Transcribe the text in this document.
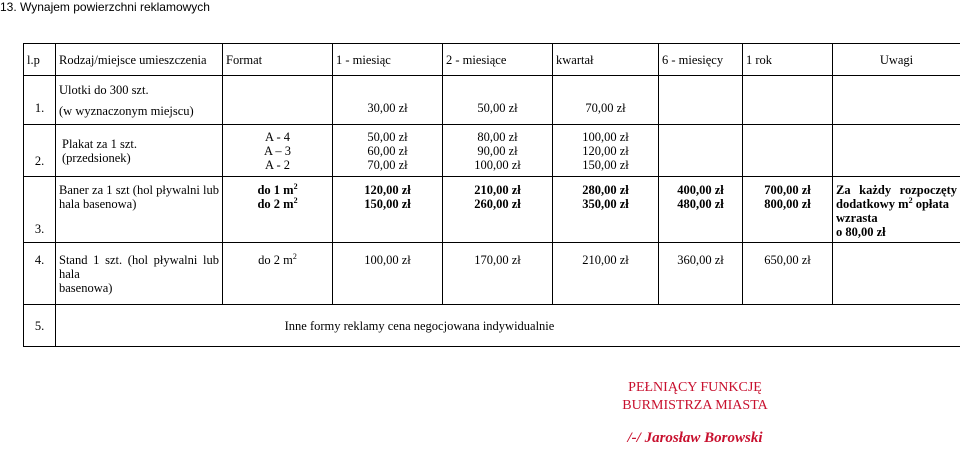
13. Wynajem powierzchni reklamowych
l.p	Rodzaj/miejsce umieszczenia	Format	1 - miesiąc	2 - miesiące	kwartał	6 - miesięcy	1 rok	Uwagi
1.	Ulotki do 300 szt.
(w wyznaczonym miejscu)		30,00 zł	50,00 zł	70,00 zł			
2.	Plakat za 1 szt.
(przedsionek)	A - 4
A – 3
A - 2	50,00 zł
60,00 zł
70,00 zł	80,00 zł
90,00 zł
100,00 zł	100,00 zł
120,00 zł
150,00 zł			

3.	Baner za 1 szt (hol pływalni lub
hala basenowa)	do 1 $m^2$
do 2 $m^2$	120,00 zł
150,00 zł	210,00 zł
260,00 zł	280,00 zł
350,00 zł	400,00 zł
480,00 zł	700,00 zł
800,00 zł	Za każdy rozpoczęty
dodatkowy $m^2$ opłata wzrasta
o 80,00 zł

4.	Stand 1 szt. (hol pływalni lub hala
basenowa)	do 2 $m^2$	100,00 zł	170,00 zł	210,00 zł	360,00 zł	650,00 zł	
5.	Inne formy reklamy cena negocjowana indywidualnie							
PEŁNIĄCY FUNKCJĘ
BURMISTRZA MIASTA
/-/ Jarosław Borowski
